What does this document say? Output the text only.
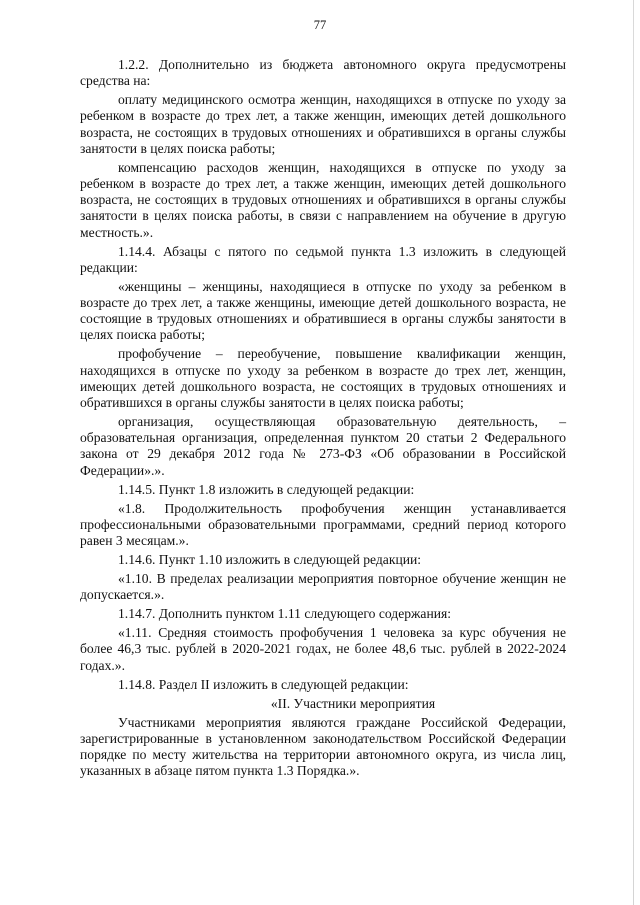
77

1.2.2. Дополнительно из бюджета автономного округа предусмотрены средства на:

оплату медицинского осмотра женщин, находящихся в отпуске по уходу за ребенком в возрасте до трех лет, а также женщин, имеющих детей дошкольного возраста, не состоящих в трудовых отношениях и обратившихся в органы службы занятости в целях поиска работы;

компенсацию расходов женщин, находящихся в отпуске по уходу за ребенком в возрасте до трех лет, а также женщин, имеющих детей дошкольного возраста, не состоящих в трудовых отношениях и обратившихся в органы службы занятости в целях поиска работы, в связи с направлением на обучение в другую местность.».

1.14.4. Абзацы с пятого по седьмой пункта 1.3 изложить в следующей редакции:

«женщины – женщины, находящиеся в отпуске по уходу за ребенком в возрасте до трех лет, а также женщины, имеющие детей дошкольного возраста, не состоящие в трудовых отношениях и обратившиеся в органы службы занятости в целях поиска работы;

профобучение – переобучение, повышение квалификации женщин, находящихся в отпуске по уходу за ребенком в возрасте до трех лет, женщин, имеющих детей дошкольного возраста, не состоящих в трудовых отношениях и обратившихся в органы службы занятости в целях поиска работы;

организация, осуществляющая образовательную деятельность, – образовательная организация, определенная пунктом 20 статьи 2 Федерального закона от 29 декабря 2012 года № 273-ФЗ «Об образовании в Российской Федерации».».

1.14.5. Пункт 1.8 изложить в следующей редакции:

«1.8. Продолжительность профобучения женщин устанавливается профессиональными образовательными программами, средний период которого равен 3 месяцам.».

1.14.6. Пункт 1.10 изложить в следующей редакции:

«1.10. В пределах реализации мероприятия повторное обучение женщин не допускается.».

1.14.7. Дополнить пунктом 1.11 следующего содержания:

«1.11. Средняя стоимость профобучения 1 человека за курс обучения не более 46,3 тыс. рублей в 2020-2021 годах, не более 48,6 тыс. рублей в 2022-2024 годах.».

1.14.8. Раздел II изложить в следующей редакции:

«II. Участники мероприятия

Участниками мероприятия являются граждане Российской Федерации, зарегистрированные в установленном законодательством Российской Федерации порядке по месту жительства на территории автономного округа, из числа лиц, указанных в абзаце пятом пункта 1.3 Порядка.».
